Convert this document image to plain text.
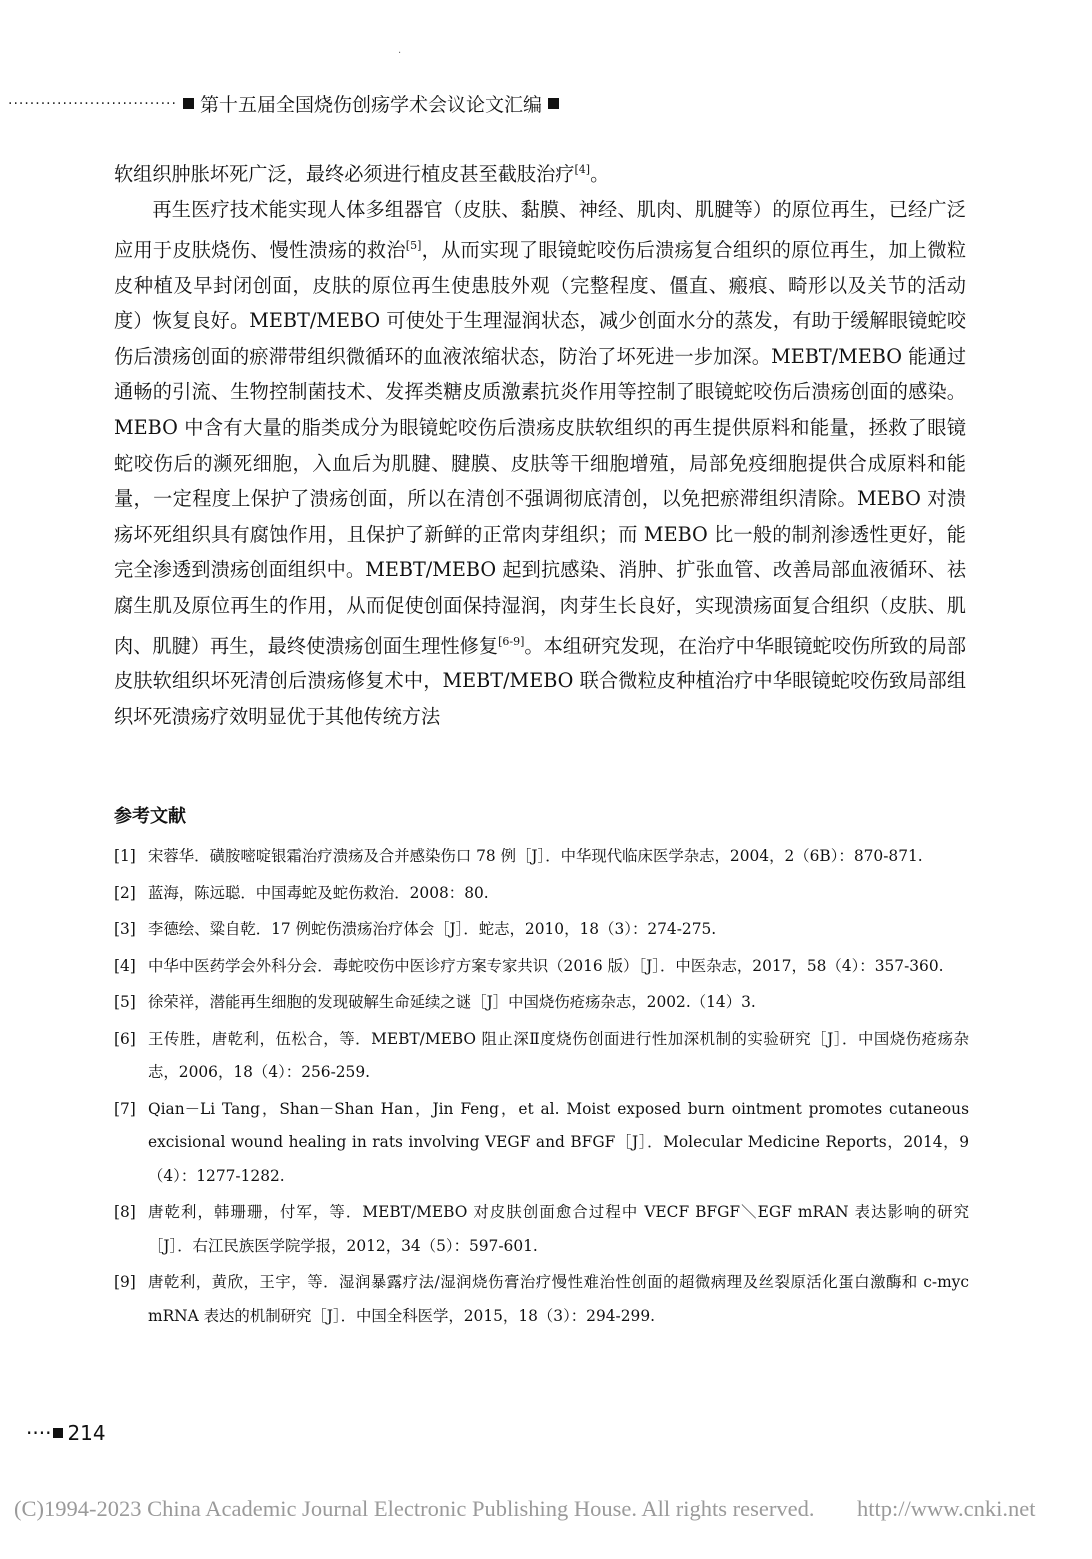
·
······························· 第十五届全国烧伤创疡学术会议论文汇编

软组织肿胀坏死广泛，最终必须进行植皮甚至截肢治疗[4]。

再生医疗技术能实现人体多组器官（皮肤、黏膜、神经、肌肉、肌腱等）的原位再生，已经广泛应用于皮肤烧伤、慢性溃疡的救治[5]，从而实现了眼镜蛇咬伤后溃疡复合组织的原位再生，加上微粒皮种植及早封闭创面，皮肤的原位再生使患肢外观（完整程度、僵直、瘢痕、畸形以及关节的活动度）恢复良好。MEBT/MEBO 可使处于生理湿润状态，减少创面水分的蒸发，有助于缓解眼镜蛇咬伤后溃疡创面的瘀滞带组织微循环的血液浓缩状态，防治了坏死进一步加深。MEBT/MEBO 能通过通畅的引流、生物控制菌技术、发挥类糖皮质激素抗炎作用等控制了眼镜蛇咬伤后溃疡创面的感染。MEBO 中含有大量的脂类成分为眼镜蛇咬伤后溃疡皮肤软组织的再生提供原料和能量，拯救了眼镜蛇咬伤后的濒死细胞，入血后为肌腱、腱膜、皮肤等干细胞增殖，局部免疫细胞提供合成原料和能量，一定程度上保护了溃疡创面，所以在清创不强调彻底清创，以免把瘀滞组织清除。MEBO 对溃疡坏死组织具有腐蚀作用，且保护了新鲜的正常肉芽组织；而 MEBO 比一般的制剂渗透性更好，能完全渗透到溃疡创面组织中。MEBT/MEBO 起到抗感染、消肿、扩张血管、改善局部血液循环、祛腐生肌及原位再生的作用，从而促使创面保持湿润，肉芽生长良好，实现溃疡面复合组织（皮肤、肌肉、肌腱）再生，最终使溃疡创面生理性修复[6-9]。本组研究发现，在治疗中华眼镜蛇咬伤所致的局部皮肤软组织坏死清创后溃疡修复术中，MEBT/MEBO 联合微粒皮种植治疗中华眼镜蛇咬伤致局部组织坏死溃疡疗效明显优于其他传统方法

参考文献
[1] 宋蓉华．磺胺嘧啶银霜治疗溃疡及合并感染伤口 78 例［J］．中华现代临床医学杂志，2004，2（6B）：870-871.
[2] 蓝海，陈远聪．中国毒蛇及蛇伤救治．2008：80.
[3] 李德绘、粱自乾．17 例蛇伤溃疡治疗体会［J］．蛇志，2010，18（3）：274-275.
[4] 中华中医药学会外科分会．毒蛇咬伤中医诊疗方案专家共识（2016 版）［J］．中医杂志，2017，58（4）：357-360.
[5] 徐荣祥，潜能再生细胞的发现破解生命延续之谜［J］中国烧伤疮疡杂志，2002.（14）3.
[6] 王传胜，唐乾利，伍松合，等．MEBT/MEBO 阻止深Ⅱ度烧伤创面进行性加深机制的实验研究［J］．中国烧伤疮疡杂志，2006，18（4）：256-259.
[7] Qian－Li Tang，Shan－Shan Han，Jin Feng，et al. Moist exposed burn ointment promotes cutaneous excisional wound healing in rats involving VEGF and BFGF［J］．Molecular Medicine Reports，2014，9（4）：1277-1282.
[8] 唐乾利，韩珊珊，付军，等．MEBT/MEBO 对皮肤创面愈合过程中 VECF BFGF＼EGF mRAN 表达影响的研究［J］．右江民族医学院学报，2012，34（5）：597-601.
[9] 唐乾利，黄欣，王宇，等．湿润暴露疗法/湿润烧伤膏治疗慢性难治性创面的超微病理及丝裂原活化蛋白激酶和 c-myc mRNA 表达的机制研究［J］．中国全科医学，2015，18（3）：294-299.
···· 214
(C)1994-2023 China Academic Journal Electronic Publishing House. All rights reserved. http://www.cnki.net
